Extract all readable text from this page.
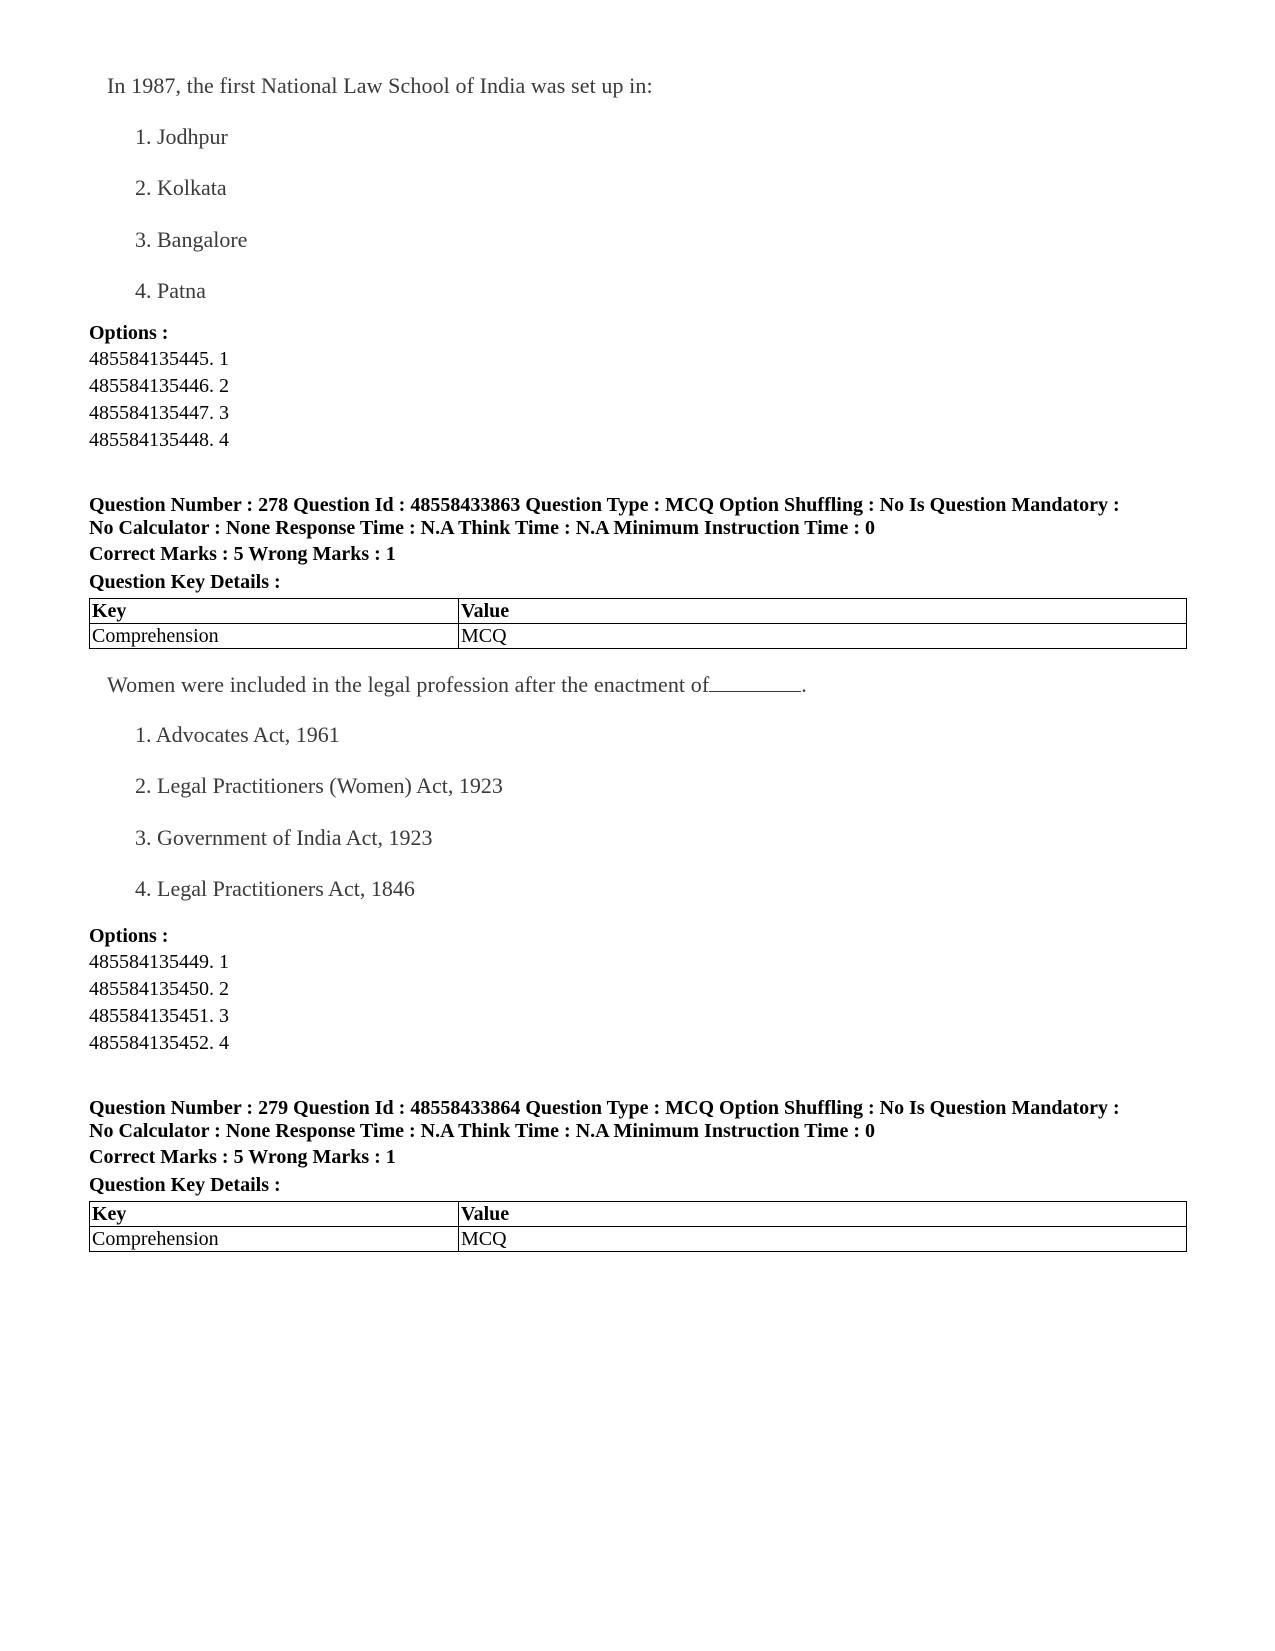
In 1987, the first National Law School of India was set up in:
1. Jodhpur
2. Kolkata
3. Bangalore
4. Patna
Options :
485584135445. 1
485584135446. 2
485584135447. 3
485584135448. 4
Question Number : 278 Question Id : 48558433863 Question Type : MCQ Option Shuffling : No Is Question Mandatory :
No Calculator : None Response Time : N.A Think Time : N.A Minimum Instruction Time : 0
Correct Marks : 5 Wrong Marks : 1
Question Key Details :
Key	Value
Comprehension	MCQ
Women were included in the legal profession after the enactment of	.
1. Advocates Act, 1961
2. Legal Practitioners (Women) Act, 1923
3. Government of India Act, 1923
4. Legal Practitioners Act, 1846
Options :
485584135449. 1
485584135450. 2
485584135451. 3
485584135452. 4
Question Number : 279 Question Id : 48558433864 Question Type : MCQ Option Shuffling : No Is Question Mandatory :
No Calculator : None Response Time : N.A Think Time : N.A Minimum Instruction Time : 0
Correct Marks : 5 Wrong Marks : 1
Question Key Details :
Key	Value
Comprehension	MCQ
